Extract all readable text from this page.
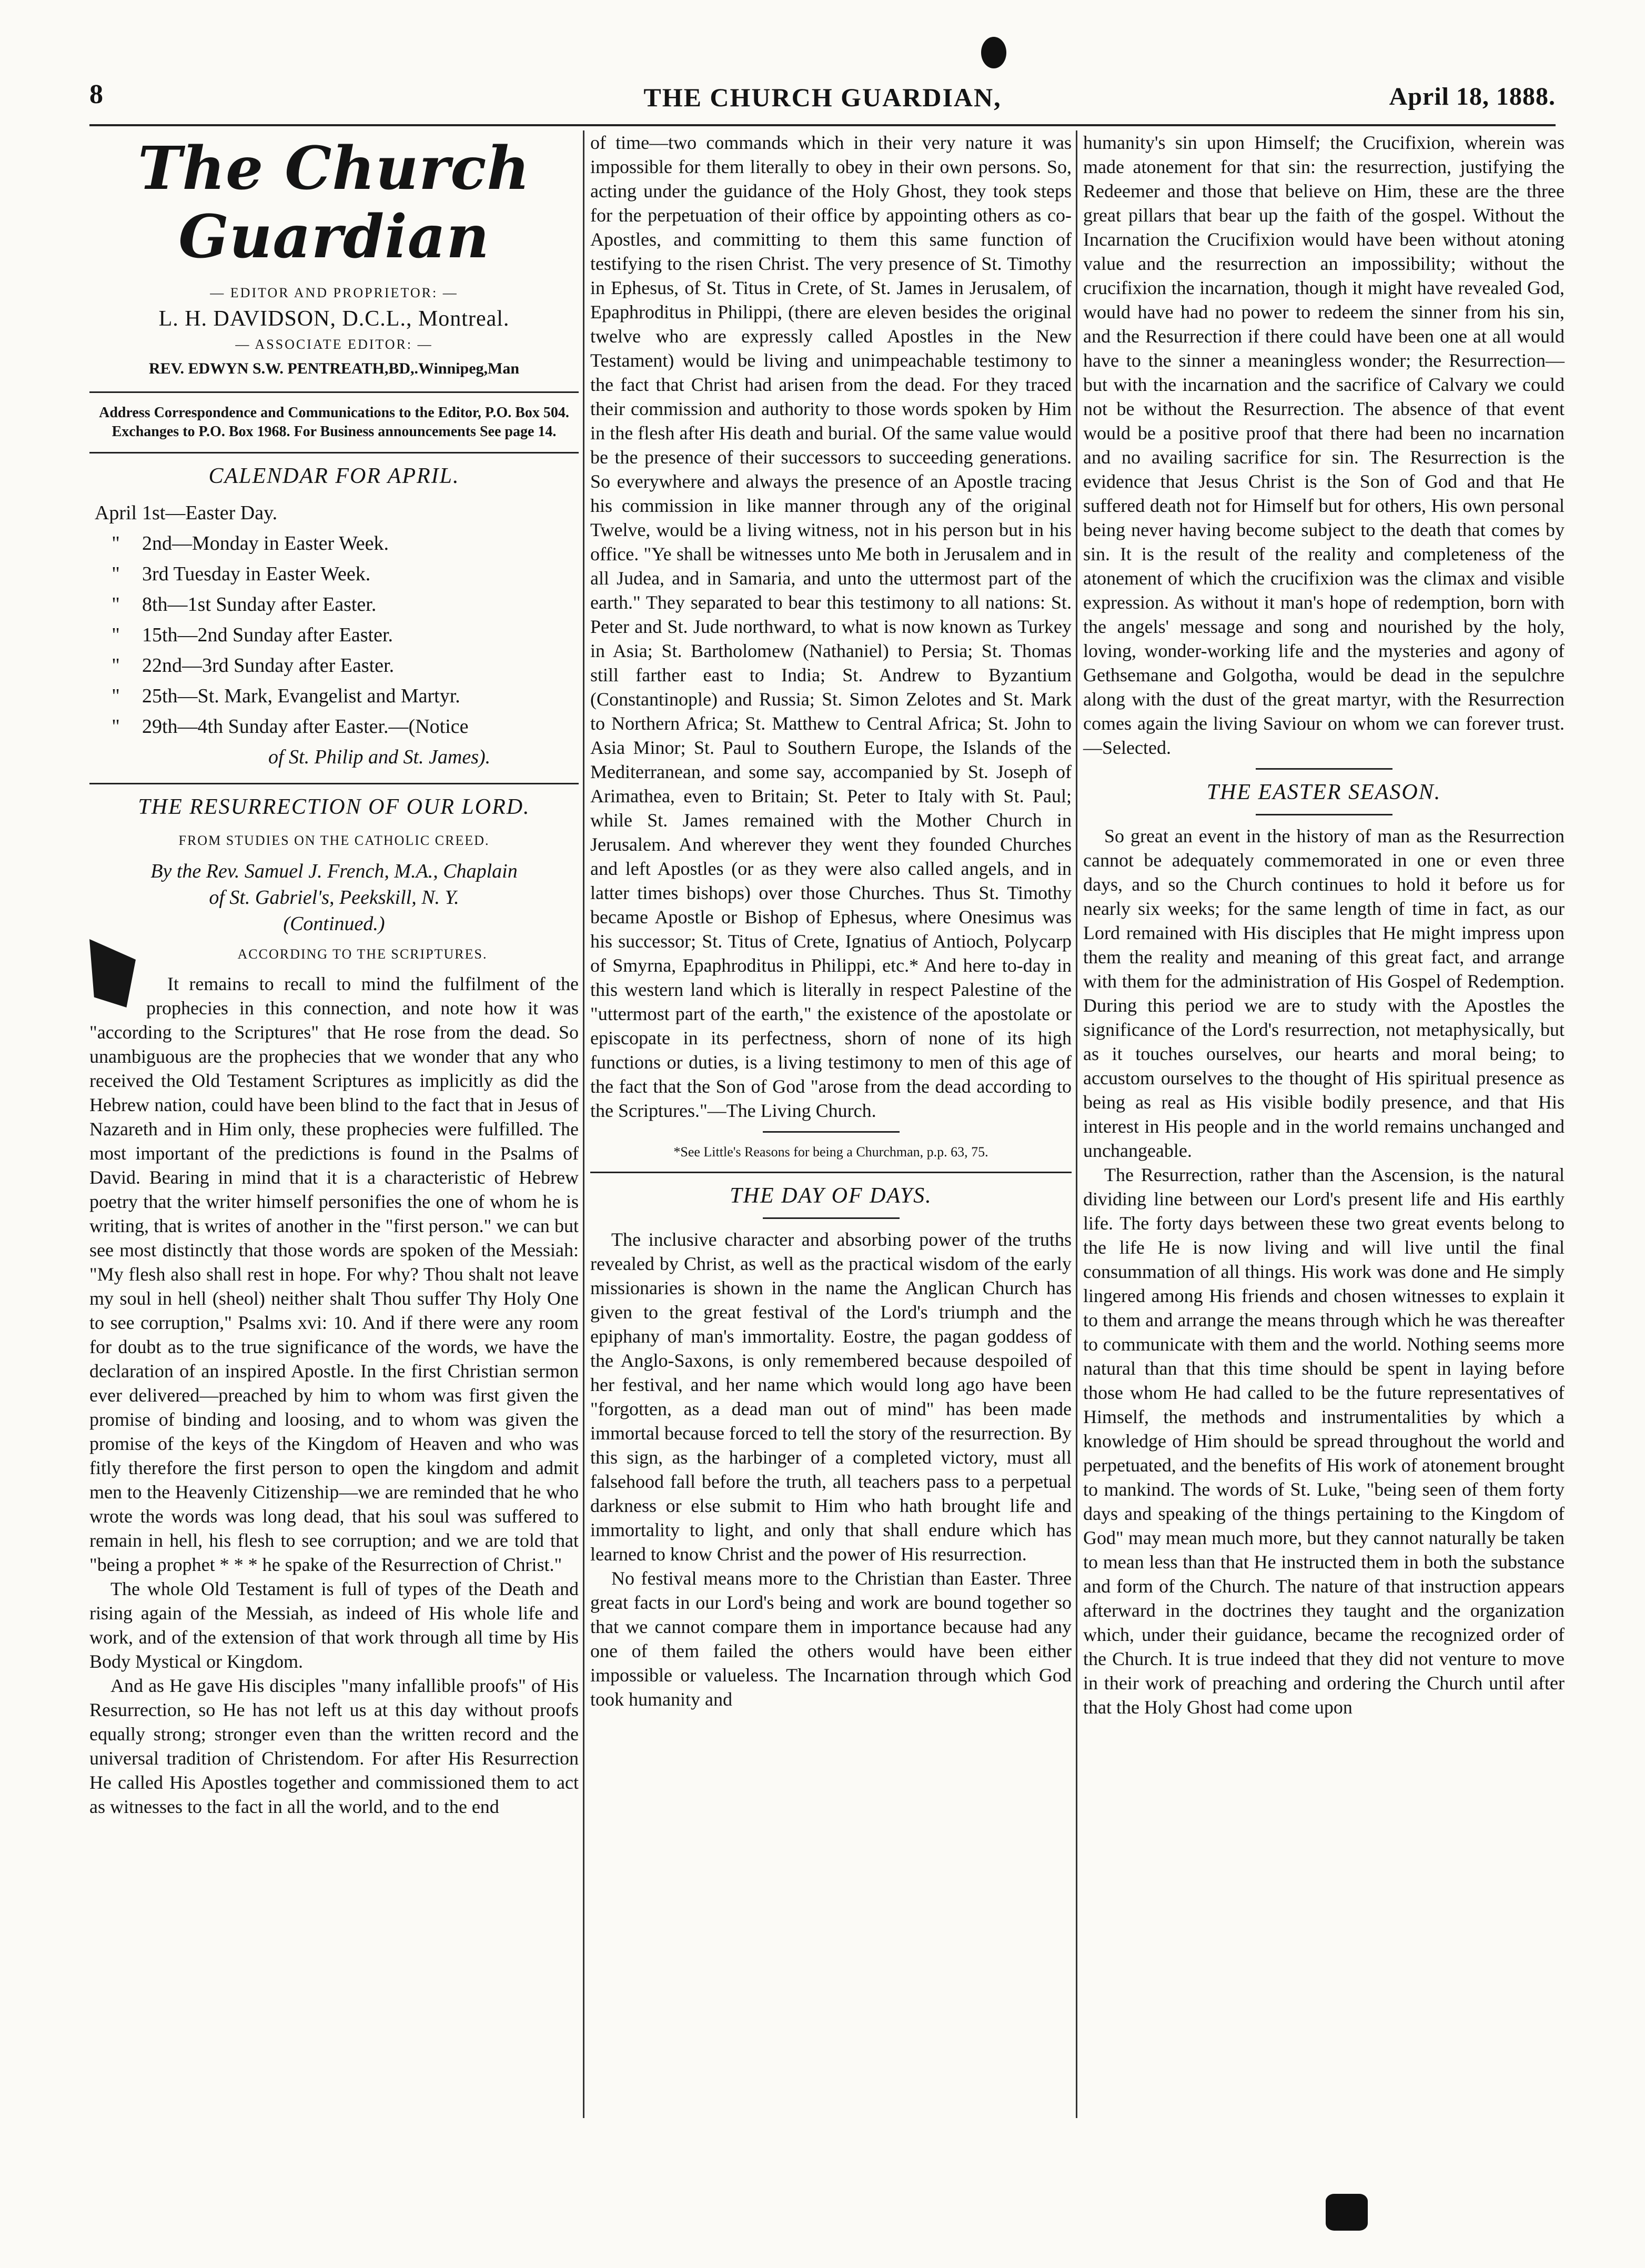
8	THE CHURCH GUARDIAN,	April 18, 1888.
The Church Guardian
— EDITOR AND PROPRIETOR: —
L. H. DAVIDSON, D.C.L., Montreal.
— ASSOCIATE EDITOR: —
REV. EDWYN S.W. PENTREATH,BD,.Winnipeg,Man
Address Correspondence and Communications to the Editor, P.O. Box 504. Exchanges to P.O. Box 1968. For Business announcements See page 14.
CALENDAR FOR APRIL.
April 1st—Easter Day.
"	2nd—Monday in Easter Week.
"	3rd Tuesday in Easter Week.
"	8th—1st Sunday after Easter.
"	15th—2nd Sunday after Easter.
"	22nd—3rd Sunday after Easter.
"	25th—St. Mark, Evangelist and Martyr.
"	29th—4th Sunday after Easter.—(Notice
of St. Philip and St. James).
THE RESURRECTION OF OUR LORD.
FROM STUDIES ON THE CATHOLIC CREED.
By the Rev. Samuel J. French, M.A., Chaplain
of St. Gabriel's, Peekskill, N. Y.
(Continued.)
ACCORDING TO THE SCRIPTURES.

It remains to recall to mind the fulfilment of the prophecies in this connection, and note how it was "according to the Scriptures" that He rose from the dead. So unambiguous are the prophecies that we wonder that any who received the Old Testament Scriptures as implicitly as did the Hebrew nation, could have been blind to the fact that in Jesus of Nazareth and in Him only, these prophecies were fulfilled. The most important of the predictions is found in the Psalms of David. Bearing in mind that it is a characteristic of Hebrew poetry that the writer himself personifies the one of whom he is writing, that is writes of another in the "first person." we can but see most distinctly that those words are spoken of the Messiah: "My flesh also shall rest in hope. For why? Thou shalt not leave my soul in hell (sheol) neither shalt Thou suffer Thy Holy One to see corruption," Psalms xvi: 10. And if there were any room for doubt as to the true significance of the words, we have the declaration of an inspired Apostle. In the first Christian sermon ever delivered—preached by him to whom was first given the promise of binding and loosing, and to whom was given the promise of the keys of the Kingdom of Heaven and who was fitly therefore the first person to open the kingdom and admit men to the Heavenly Citizenship—we are reminded that he who wrote the words was long dead, that his soul was suffered to remain in hell, his flesh to see corruption; and we are told that "being a prophet * * * he spake of the Resurrection of Christ."

The whole Old Testament is full of types of the Death and rising again of the Messiah, as indeed of His whole life and work, and of the extension of that work through all time by His Body Mystical or Kingdom.

And as He gave His disciples "many infallible proofs" of His Resurrection, so He has not left us at this day without proofs equally strong; stronger even than the written record and the universal tradition of Christendom. For after His Resurrection He called His Apostles together and commissioned them to act as witnesses to the fact in all the world, and to the end

of time—two commands which in their very nature it was impossible for them literally to obey in their own persons. So, acting under the guidance of the Holy Ghost, they took steps for the perpetuation of their office by appointing others as co-Apostles, and committing to them this same function of testifying to the risen Christ. The very presence of St. Timothy in Ephesus, of St. Titus in Crete, of St. James in Jerusalem, of Epaphroditus in Philippi, (there are eleven besides the original twelve who are expressly called Apostles in the New Testament) would be living and unimpeachable testimony to the fact that Christ had arisen from the dead. For they traced their commission and authority to those words spoken by Him in the flesh after His death and burial. Of the same value would be the presence of their successors to succeeding generations. So everywhere and always the presence of an Apostle tracing his commission in like manner through any of the original Twelve, would be a living witness, not in his person but in his office. "Ye shall be witnesses unto Me both in Jerusalem and in all Judea, and in Samaria, and unto the uttermost part of the earth." They separated to bear this testimony to all nations: St. Peter and St. Jude northward, to what is now known as Turkey in Asia; St. Bartholomew (Nathaniel) to Persia; St. Thomas still farther east to India; St. Andrew to Byzantium (Constantinople) and Russia; St. Simon Zelotes and St. Mark to Northern Africa; St. Matthew to Central Africa; St. John to Asia Minor; St. Paul to Southern Europe, the Islands of the Mediterranean, and some say, accompanied by St. Joseph of Arimathea, even to Britain; St. Peter to Italy with St. Paul; while St. James remained with the Mother Church in Jerusalem. And wherever they went they founded Churches and left Apostles (or as they were also called angels, and in latter times bishops) over those Churches. Thus St. Timothy became Apostle or Bishop of Ephesus, where Onesimus was his successor; St. Titus of Crete, Ignatius of Antioch, Polycarp of Smyrna, Epaphroditus in Philippi, etc.* And here to-day in this western land which is literally in respect Palestine of the "uttermost part of the earth," the existence of the apostolate or episcopate in its perfectness, shorn of none of its high functions or duties, is a living testimony to men of this age of the fact that the Son of God "arose from the dead according to the Scriptures."—The Living Church.

*See Little's Reasons for being a Churchman, p.p. 63, 75.
THE DAY OF DAYS.

The inclusive character and absorbing power of the truths revealed by Christ, as well as the practical wisdom of the early missionaries is shown in the name the Anglican Church has given to the great festival of the Lord's triumph and the epiphany of man's immortality. Eostre, the pagan goddess of the Anglo-Saxons, is only remembered because despoiled of her festival, and her name which would long ago have been "forgotten, as a dead man out of mind" has been made immortal because forced to tell the story of the resurrection. By this sign, as the harbinger of a completed victory, must all falsehood fall before the truth, all teachers pass to a perpetual darkness or else submit to Him who hath brought life and immortality to light, and only that shall endure which has learned to know Christ and the power of His resurrection.

No festival means more to the Christian than Easter. Three great facts in our Lord's being and work are bound together so that we cannot compare them in importance because had any one of them failed the others would have been either impossible or valueless. The Incarnation through which God took humanity and

humanity's sin upon Himself; the Crucifixion, wherein was made atonement for that sin: the resurrection, justifying the Redeemer and those that believe on Him, these are the three great pillars that bear up the faith of the gospel. Without the Incarnation the Crucifixion would have been without atoning value and the resurrection an impossibility; without the crucifixion the incarnation, though it might have revealed God, would have had no power to redeem the sinner from his sin, and the Resurrection if there could have been one at all would have to the sinner a meaningless wonder; the Resurrection—but with the incarnation and the sacrifice of Calvary we could not be without the Resurrection. The absence of that event would be a positive proof that there had been no incarnation and no availing sacrifice for sin. The Resurrection is the evidence that Jesus Christ is the Son of God and that He suffered death not for Himself but for others, His own personal being never having become subject to the death that comes by sin. It is the result of the reality and completeness of the atonement of which the crucifixion was the climax and visible expression. As without it man's hope of redemption, born with the angels' message and song and nourished by the holy, loving, wonder-working life and the mysteries and agony of Gethsemane and Golgotha, would be dead in the sepulchre along with the dust of the great martyr, with the Resurrection comes again the living Saviour on whom we can forever trust.—Selected.

THE EASTER SEASON.

So great an event in the history of man as the Resurrection cannot be adequately commemorated in one or even three days, and so the Church continues to hold it before us for nearly six weeks; for the same length of time in fact, as our Lord remained with His disciples that He might impress upon them the reality and meaning of this great fact, and arrange with them for the administration of His Gospel of Redemption. During this period we are to study with the Apostles the significance of the Lord's resurrection, not metaphysically, but as it touches ourselves, our hearts and moral being; to accustom ourselves to the thought of His spiritual presence as being as real as His visible bodily presence, and that His interest in His people and in the world remains unchanged and unchangeable.

The Resurrection, rather than the Ascension, is the natural dividing line between our Lord's present life and His earthly life. The forty days between these two great events belong to the life He is now living and will live until the final consummation of all things. His work was done and He simply lingered among His friends and chosen witnesses to explain it to them and arrange the means through which he was thereafter to communicate with them and the world. Nothing seems more natural than that this time should be spent in laying before those whom He had called to be the future representatives of Himself, the methods and instrumentalities by which a knowledge of Him should be spread throughout the world and perpetuated, and the benefits of His work of atonement brought to mankind. The words of St. Luke, "being seen of them forty days and speaking of the things pertaining to the Kingdom of God" may mean much more, but they cannot naturally be taken to mean less than that He instructed them in both the substance and form of the Church. The nature of that instruction appears afterward in the doctrines they taught and the organization which, under their guidance, became the recognized order of the Church. It is true indeed that they did not venture to move in their work of preaching and ordering the Church until after that the Holy Ghost had come upon
